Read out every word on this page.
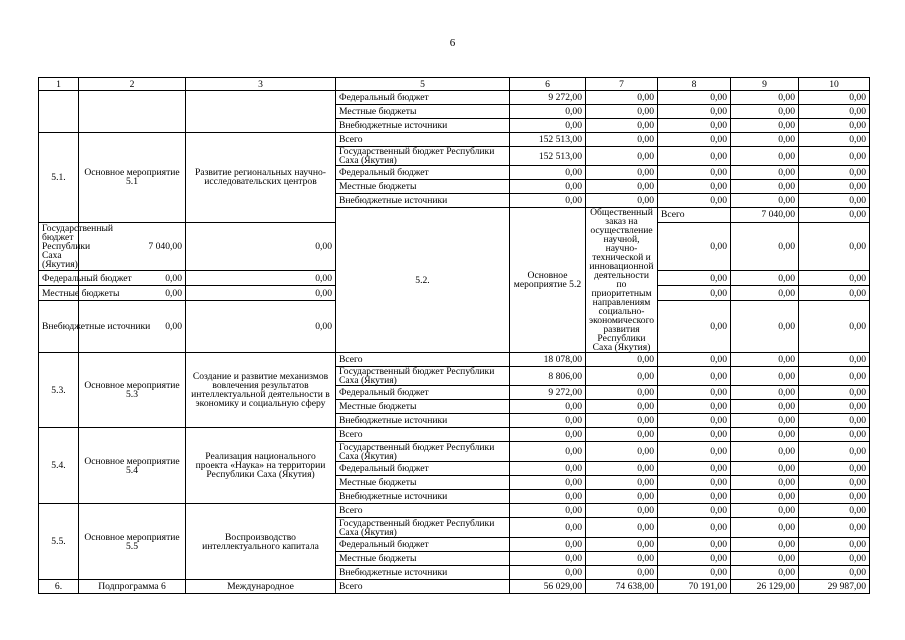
6
1	2	3	5	6	7	8	9	10	
			Федеральный бюджет	9 272,00	0,00	0,00	0,00	0,00	
			Местные бюджеты	0,00	0,00	0,00	0,00	0,00	
			Внебюджетные источники	0,00	0,00	0,00	0,00	0,00	
5.1.	Основное мероприятие 5.1	Развитие региональных научно-исследовательских центров	Всего	152 513,00	0,00	0,00	0,00	0,00	
			Государственный бюджет Республики Саха (Якутия)	152 513,00	0,00	0,00	0,00	0,00	
			Федеральный бюджет	0,00	0,00	0,00	0,00	0,00	
			Местные бюджеты	0,00	0,00	0,00	0,00	0,00	
			Внебюджетные источники	0,00	0,00	0,00	0,00	0,00	
			5.2.	Основное мероприятие 5.2	Общественный заказ на осуществление научной, научно-технической и инновационной деятельности по приоритетным направлениям социально-экономического развития Республики Саха (Якутия)	Всего	7 040,00	0,00			
Государственный бюджет Республики Саха (Якутия)	7 040,00	0,00				0,00	0,00	0,00	
Федеральный бюджет	0,00	0,00				0,00	0,00	0,00	
Местные бюджеты	0,00	0,00				0,00	0,00	0,00	
Внебюджетные источники	0,00	0,00				0,00	0,00	0,00	
5.3.	Основное мероприятие 5.3	Создание и развитие механизмов вовлечения результатов интеллектуальной деятельности в экономику и социальную сферу	Всего	18 078,00	0,00	0,00	0,00	0,00	
			Государственный бюджет Республики Саха (Якутия)	8 806,00	0,00	0,00	0,00	0,00	
			Федеральный бюджет	9 272,00	0,00	0,00	0,00	0,00	
			Местные бюджеты	0,00	0,00	0,00	0,00	0,00	
			Внебюджетные источники	0,00	0,00	0,00	0,00	0,00	
5.4.	Основное мероприятие 5.4	Реализация национального проекта «Наука» на территории Республики Саха (Якутия)	Всего	0,00	0,00	0,00	0,00	0,00	
			Государственный бюджет Республики Саха (Якутия)	0,00	0,00	0,00	0,00	0,00	
			Федеральный бюджет	0,00	0,00	0,00	0,00	0,00	
			Местные бюджеты	0,00	0,00	0,00	0,00	0,00	
			Внебюджетные источники	0,00	0,00	0,00	0,00	0,00	
5.5.	Основное мероприятие 5.5	Воспроизводство интеллектуального капитала	Всего	0,00	0,00	0,00	0,00	0,00	
			Государственный бюджет Республики Саха (Якутия)	0,00	0,00	0,00	0,00	0,00	
			Федеральный бюджет	0,00	0,00	0,00	0,00	0,00	
			Местные бюджеты	0,00	0,00	0,00	0,00	0,00	
			Внебюджетные источники	0,00	0,00	0,00	0,00	0,00	
6.	Подпрограмма 6	Международное	Всего	56 029,00	74 638,00	70 191,00	26 129,00	29 987,00	
